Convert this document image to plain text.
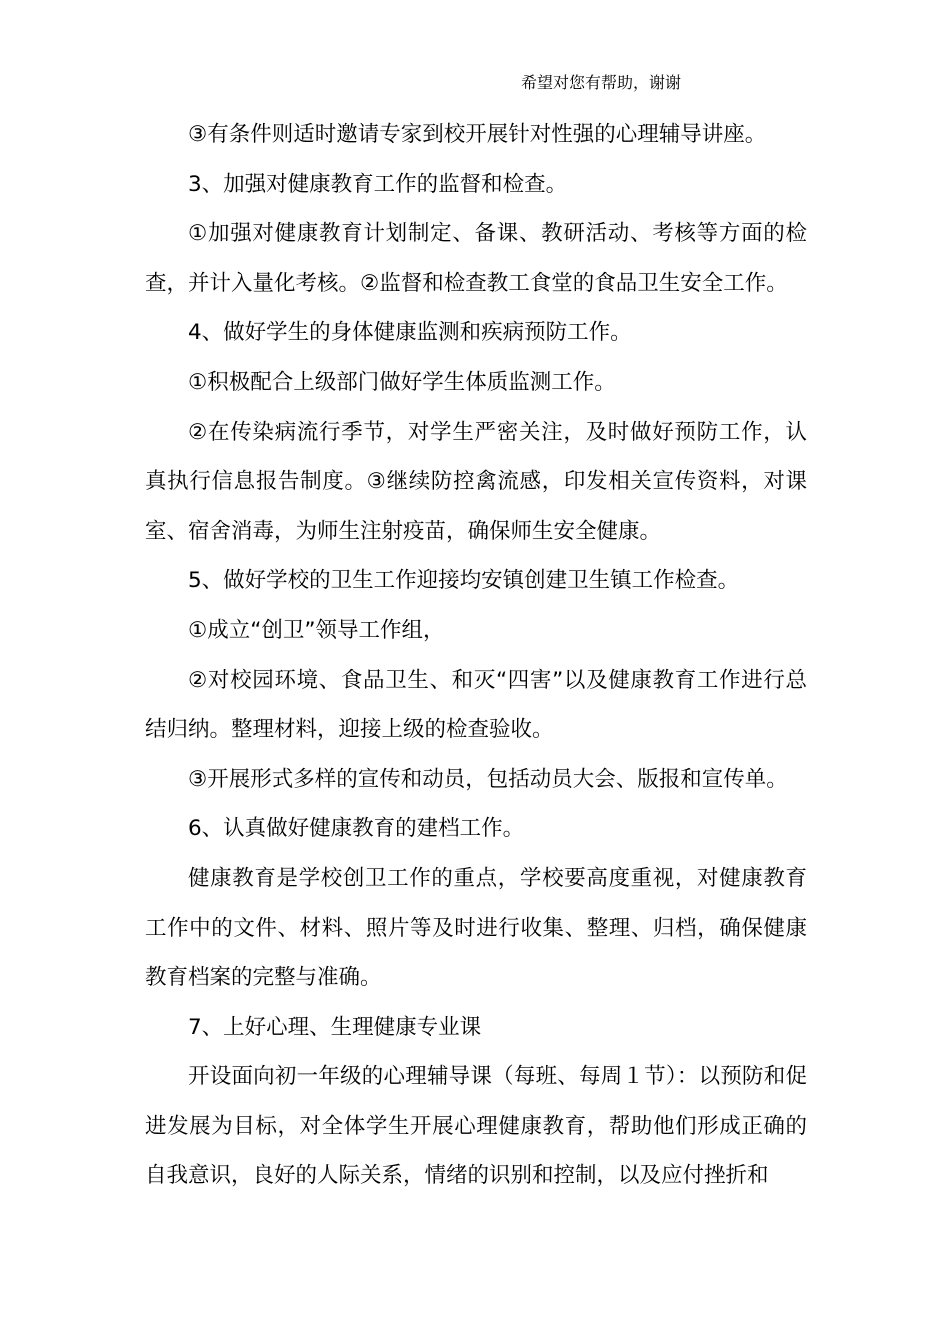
希望对您有帮助，谢谢

③有条件则适时邀请专家到校开展针对性强的心理辅导讲座。

3、加强对健康教育工作的监督和检查。

①加强对健康教育计划制定、备课、教研活动、考核等方面的检查，并计入量化考核。②监督和检查教工食堂的食品卫生安全工作。

4、做好学生的身体健康监测和疾病预防工作。

①积极配合上级部门做好学生体质监测工作。

②在传染病流行季节，对学生严密关注，及时做好预防工作，认真执行信息报告制度。③继续防控禽流感，印发相关宣传资料，对课室、宿舍消毒，为师生注射疫苗，确保师生安全健康。

5、做好学校的卫生工作迎接均安镇创建卫生镇工作检查。

①成立“创卫”领导工作组，

②对校园环境、食品卫生、和灭“四害”以及健康教育工作进行总结归纳。整理材料，迎接上级的检查验收。

③开展形式多样的宣传和动员，包括动员大会、版报和宣传单。

6、认真做好健康教育的建档工作。

健康教育是学校创卫工作的重点，学校要高度重视，对健康教育工作中的文件、材料、照片等及时进行收集、整理、归档，确保健康教育档案的完整与准确。

7、上好心理、生理健康专业课

开设面向初一年级的心理辅导课（每班、每周１节）：以预防和促进发展为目标，对全体学生开展心理健康教育，帮助他们形成正确的自我意识，良好的人际关系，情绪的识别和控制，以及应付挫折和
